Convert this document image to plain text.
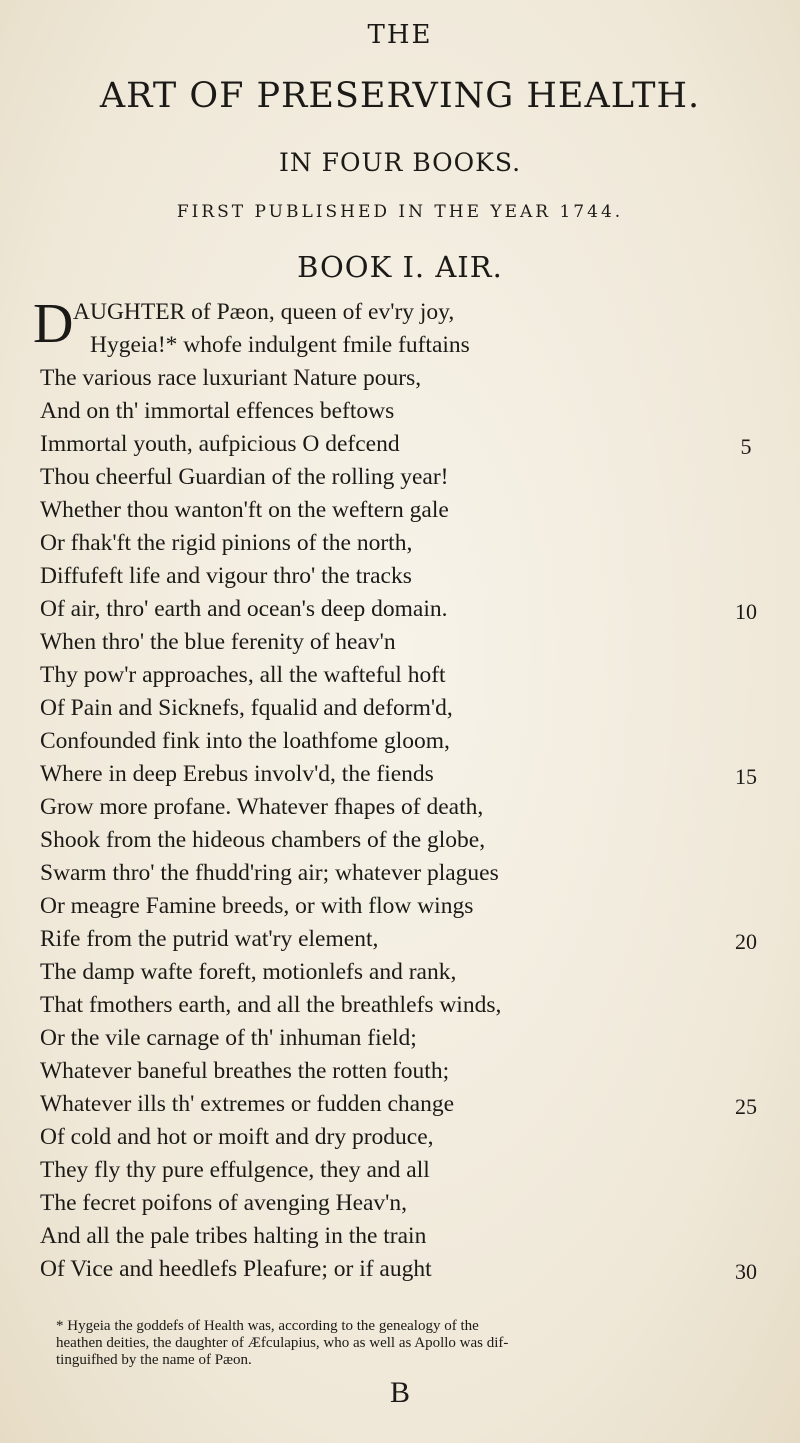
THE
ART OF PRESERVING HEALTH.
IN FOUR BOOKS.
FIRST PUBLISHED IN THE YEAR 1744.
BOOK I. AIR.
D AUGHTER of Pæon, queen of ev'ry joy,
Hygeia!* whofe indulgent fmile fuftains
The various race luxuriant Nature pours,
And on th' immortal effences beftows
Immortal youth, aufpicious O defcend
Thou cheerful Guardian of the rolling year!
Whether thou wanton'ft on the weftern gale
Or fhak'ft the rigid pinions of the north,
Diffufeft life and vigour thro' the tracks
Of air, thro' earth and ocean's deep domain.
When thro' the blue ferenity of heav'n
Thy pow'r approaches, all the wafteful hoft
Of Pain and Sicknefs, fqualid and deform'd,
Confounded fink into the loathfome gloom,
Where in deep Erebus involv'd, the fiends
Grow more profane. Whatever fhapes of death,
Shook from the hideous chambers of the globe,
Swarm thro' the fhudd'ring air; whatever plagues
Or meagre Famine breeds, or with flow wings
Rife from the putrid wat'ry element,
The damp wafte foreft, motionlefs and rank,
That fmothers earth, and all the breathlefs winds,
Or the vile carnage of th' inhuman field;
Whatever baneful breathes the rotten fouth;
Whatever ills th' extremes or fudden change
Of cold and hot or moift and dry produce,
They fly thy pure effulgence, they and all
The fecret poifons of avenging Heav'n,
And all the pale tribes halting in the train
Of Vice and heedlefs Pleafure; or if aught
5
10
15
20
25
30
* Hygeia the goddefs of Health was, according to the genealogy of the
heathen deities, the daughter of Æfculapius, who as well as Apollo was dif-
tinguifhed by the name of Pæon.
B
